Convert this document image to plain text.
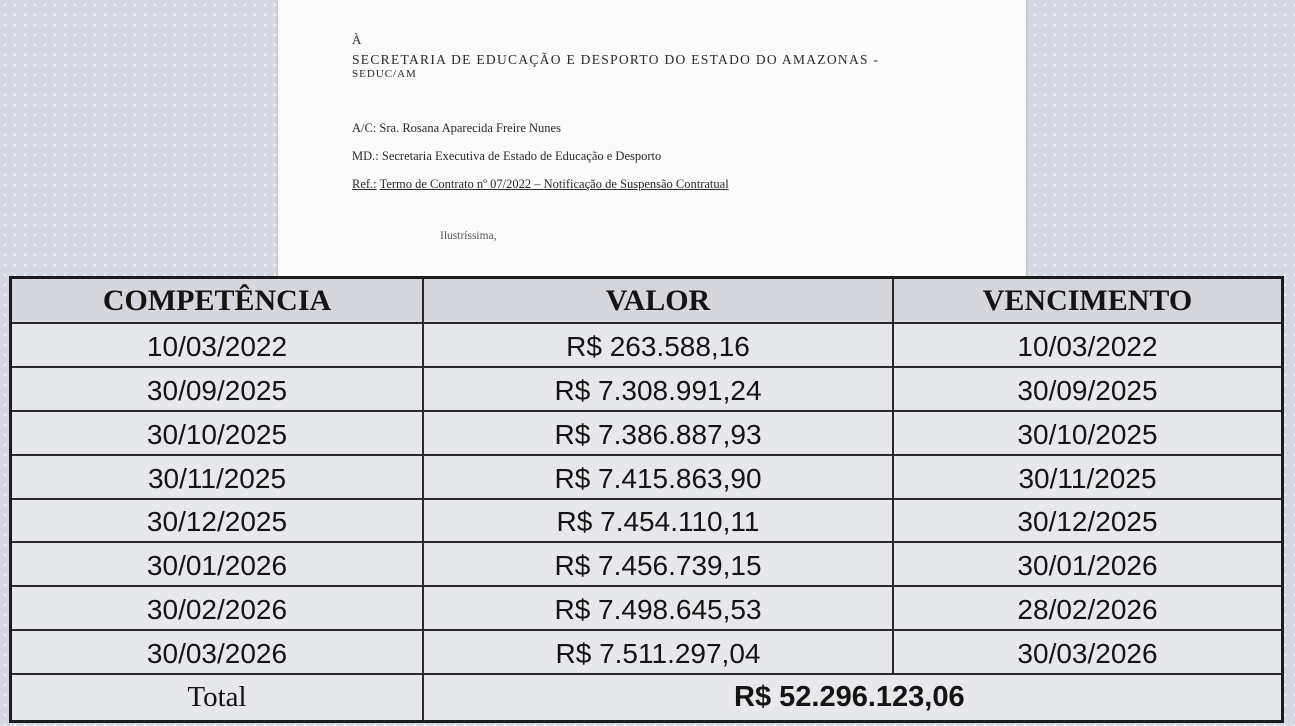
À
SECRETARIA DE EDUCAÇÃO E DESPORTO DO ESTADO DO AMAZONAS -
SEDUC/AM
A/C: Sra. Rosana Aparecida Freire Nunes
MD.: Secretaria Executiva de Estado de Educação e Desporto
Ref.: Termo de Contrato nº 07/2022 – Notificação de Suspensão Contratual
Ilustríssima,
COMPETÊNCIA	VALOR	VENCIMENTO
10/03/2022	R$ 263.588,16	10/03/2022
30/09/2025	R$ 7.308.991,24	30/09/2025
30/10/2025	R$ 7.386.887,93	30/10/2025
30/11/2025	R$ 7.415.863,90	30/11/2025
30/12/2025	R$ 7.454.110,11	30/12/2025
30/01/2026	R$ 7.456.739,15	30/01/2026
30/02/2026	R$ 7.498.645,53	28/02/2026
30/03/2026	R$ 7.511.297,04	30/03/2026
Total	R$ 52.296.123,06
